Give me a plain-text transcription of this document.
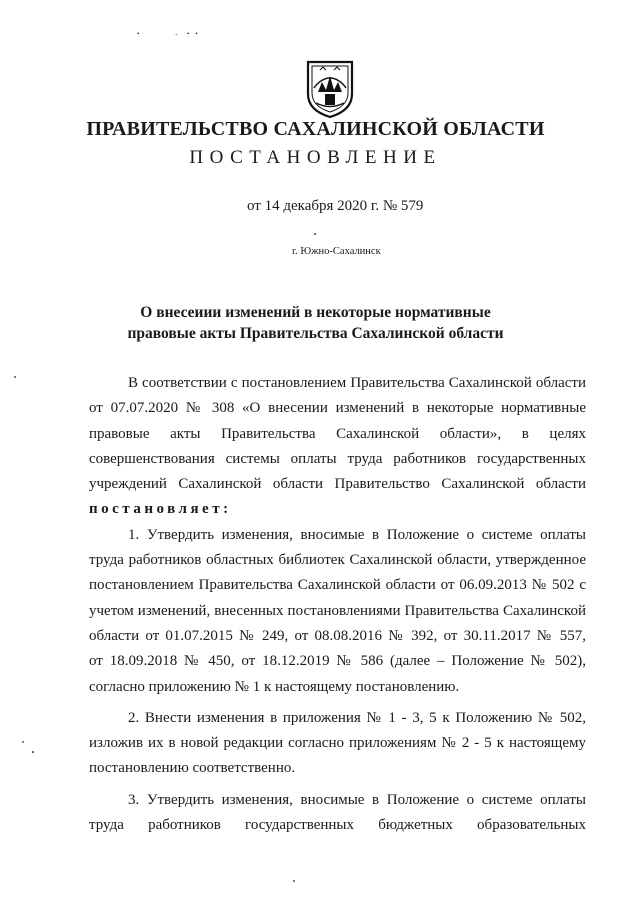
•         -  • •
ПРАВИТЕЛЬСТВО САХАЛИНСКОЙ ОБЛАСТИ
ПОСТАНОВЛЕНИЕ
от 14 декабря 2020 г. № 579
г. Южно-Сахалинск
О внесеиии изменений в некоторые нормативные
правовые акты Правительства Сахалинской области
В соответствии с постановлением Правительства Сахалинской области
от 07.07.2020 № 308 «О внесении изменений в некоторые нормативные
правовые акты Правительства Сахалинской области», в целях
совершенствования системы оплаты труда работников государственных
учреждений Сахалинской области Правительство Сахалинской области
постановляет:
1. Утвердить изменения, вносимые в Положение о системе оплаты
труда работников областных библиотек Сахалинской области, утвержденное
постановлением Правительства Сахалинской области от 06.09.2013 № 502 с
учетом изменений, внесенных постановлениями Правительства Сахалинской
области от 01.07.2015 № 249, от 08.08.2016 № 392, от 30.11.2017 № 557,
от 18.09.2018 № 450, от 18.12.2019 № 586 (далее – Положение № 502),
согласно приложению № 1 к настоящему постановлению.
2. Внести изменения в приложения № 1 - 3, 5 к Положению № 502,
изложив их в новой редакции согласно приложениям № 2 - 5 к настоящему
постановлению соответственно.
3. Утвердить изменения, вносимые в Положение о системе оплаты
труда работников государственных бюджетных образовательных
